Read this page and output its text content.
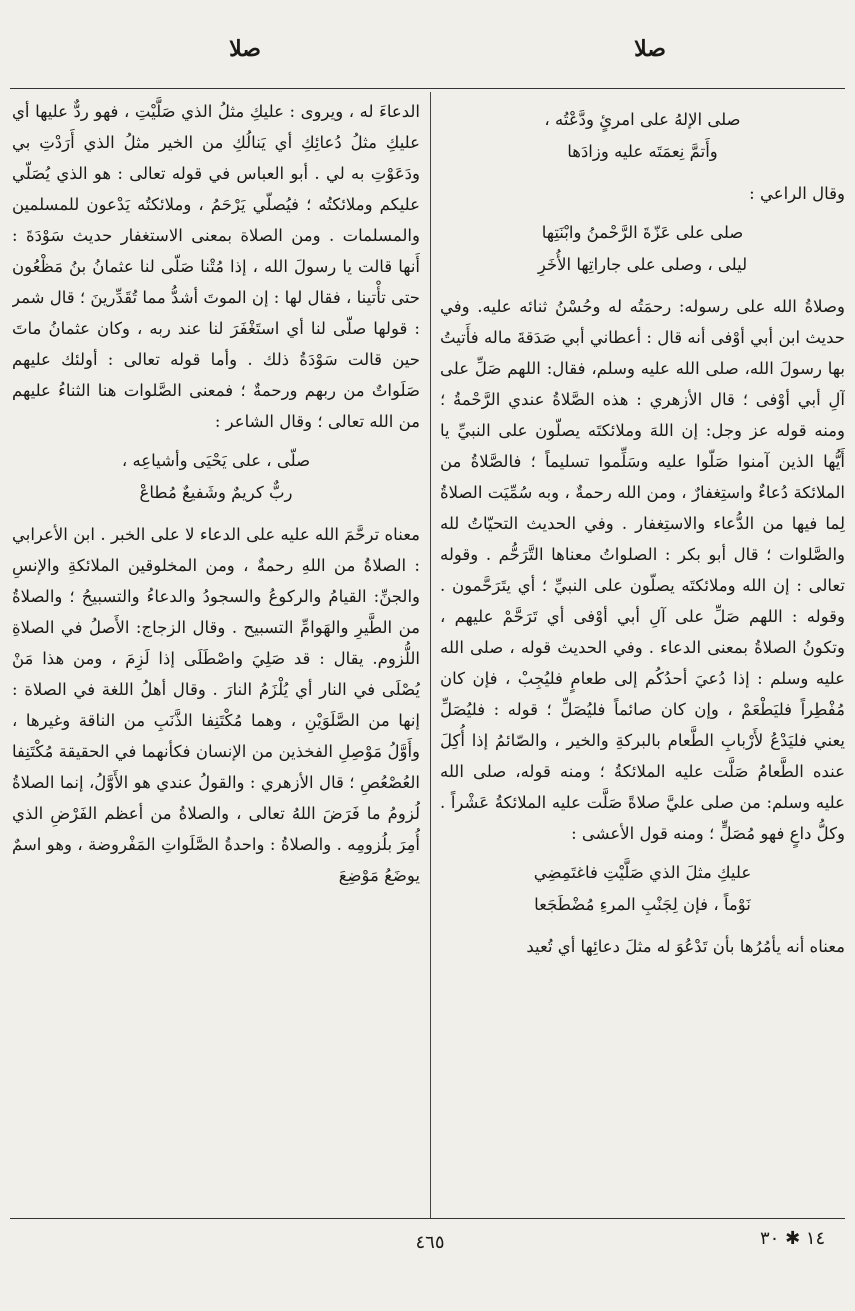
صلا
صلا
صلى الإلهُ على امرئٍ ودَّعْتُه ،
وأَتمَّ نِعمَتَه عليه وزادَها

وقال الراعي :

صلى على عَزّةَ الرَّحْمنُ وابْنَتِها
ليلى ، وصلى على جاراتِها الأُخَرِ

وصلاةُ الله على رسوله: رحمَتُه له وحُسْنُ ثنائه عليه. وفي حديث ابن أبي أوْفى أنه قال : أعطاني أبي صَدَقةَ ماله فأَتيتُ بها رسولَ الله، صلى الله عليه وسلم، فقال: اللهم صَلِّ على آلِ أبي أوْفى ؛ قال الأزهري : هذه الصَّلاةُ عندي الرَّحْمةُ ؛ ومنه قوله عز وجل: إن اللهَ وملائكتَه يصلّون على النبيِّ يا أَيُّها الذين آمنوا صَلّوا عليه وسَلِّموا تسليماً ؛ فالصَّلاةُ من الملائكة دُعاءٌ واستِغفارٌ ، ومن الله رحمةٌ ، وبه سُمِّيَت الصلاةُ لِما فيها من الدُّعاء والاستِغفار . وفي الحديث التحيّاتُ لله والصَّلوات ؛ قال أبو بكر : الصلواتُ معناها التَّرَحُّم . وقوله تعالى : إن الله وملائكتَه يصلّون على النبيِّ ؛ أي يتَرَحَّمون . وقوله : اللهم صَلِّ على آلِ أبي أوْفى أي تَرَحَّمْ عليهم ، وتكونُ الصلاةُ بمعنى الدعاء . وفي الحديث قوله ، صلى الله عليه وسلم : إذا دُعيَ أحدُكُم إلى طعامٍ فليُجِبْ ، فإن كان مُفْطِراً فليَطْعَمْ ، وإن كان صائماً فليُصَلِّ ؛ قوله : فليُصَلِّ يعني فليَدْعُ لأَرْبابِ الطَّعام بالبركةِ والخير ، والصّائمُ إذا أُكِلَ عنده الطَّعامُ صَلَّت عليه الملائكةُ ؛ ومنه قوله، صلى الله عليه وسلم: من صلى عليَّ صلاةً صَلَّت عليه الملائكةُ عَشْراً . وكلُّ داعٍ فهو مُصَلٍّ ؛ ومنه قول الأعشى :

عليكِ مثلَ الذي صَلَّيْتِ فاغتَمِضِي
نَوْماً ، فإن لِجَنْبِ المرءِ مُضْطَجَعا

معناه أنه يأمُرُها بأن تَدْعُوَ له مثلَ دعائِها أي تُعيد

الدعاءَ له ، ويروى : عليكِ مثلُ الذي صَلَّيْتِ ، فهو ردٌّ عليها أي عليكِ مثلُ دُعائِكِ أي يَنالُكِ من الخير مثلُ الذي أَرَدْتِ بي ودَعَوْتِ به لي . أبو العباس في قوله تعالى : هو الذي يُصَلّي عليكم وملائكتُه ؛ فيُصلّي يَرْحَمُ ، وملائكتُه يَدْعون للمسلمين والمسلمات . ومن الصلاة بمعنى الاستغفار حديث سَوْدَةَ : أَنها قالت يا رسولَ الله ، إذا مُتْنا صَلّى لنا عثمانُ بنُ مَظْعُون حتى تأْتينا ، فقال لها : إن الموتَ أشدُّ مما تُقَدِّرينَ ؛ قال شمر : قولها صلّى لنا أي استَغْفَرَ لنا عند ربه ، وكان عثمانُ ماتَ حين قالت سَوْدَةُ ذلك . وأما قوله تعالى : أولئك عليهم صَلَواتٌ من ربهم ورحمةٌ ؛ فمعنى الصَّلوات هنا الثناءُ عليهم من الله تعالى ؛ وقال الشاعر :

صلّى ، على يَحْيَى وأشياعِه ،
ربٌّ كريمٌ وشَفيعٌ مُطاعْ

معناه ترحَّمَ الله عليه على الدعاء لا على الخبر . ابن الأعرابي : الصلاةُ من اللهِ رحمةٌ ، ومن المخلوقين الملائكةِ والإنسِ والجنِّ: القيامُ والركوعُ والسجودُ والدعاءُ والتسبيحُ ؛ والصلاةُ من الطَّيرِ والهَوامِّ التسبيح . وقال الزجاج: الأَصلُ في الصلاةِ اللُّزوم. يقال : قد صَلِيَ واصْطَلَى إذا لَزِمَ ، ومن هذا مَنْ يُصْلَى في النار أي يُلْزَمُ النارَ . وقال أهلُ اللغة في الصلاة : إنها من الصَّلَوَيْنِ ، وهما مُكْتَنِفا الذَّنَبِ من الناقة وغيرها ، وأَوَّلُ مَوْصِلِ الفخذين من الإنسان فكأنهما في الحقيقة مُكْتَنِفا العُصْعُصِ ؛ قال الأزهري : والقولُ عندي هو الأَوَّلُ، إنما الصلاةُ لُزومُ ما فَرَضَ اللهُ تعالى ، والصلاةُ من أعظم الفَرْضِ الذي أُمِرَ بلُزومِه . والصلاةُ : واحدةُ الصَّلَواتِ المَفْروضة ، وهو اسمٌ يوضَعُ مَوْضِعَ

١٤ ✱ ٣٠
٤٦٥
